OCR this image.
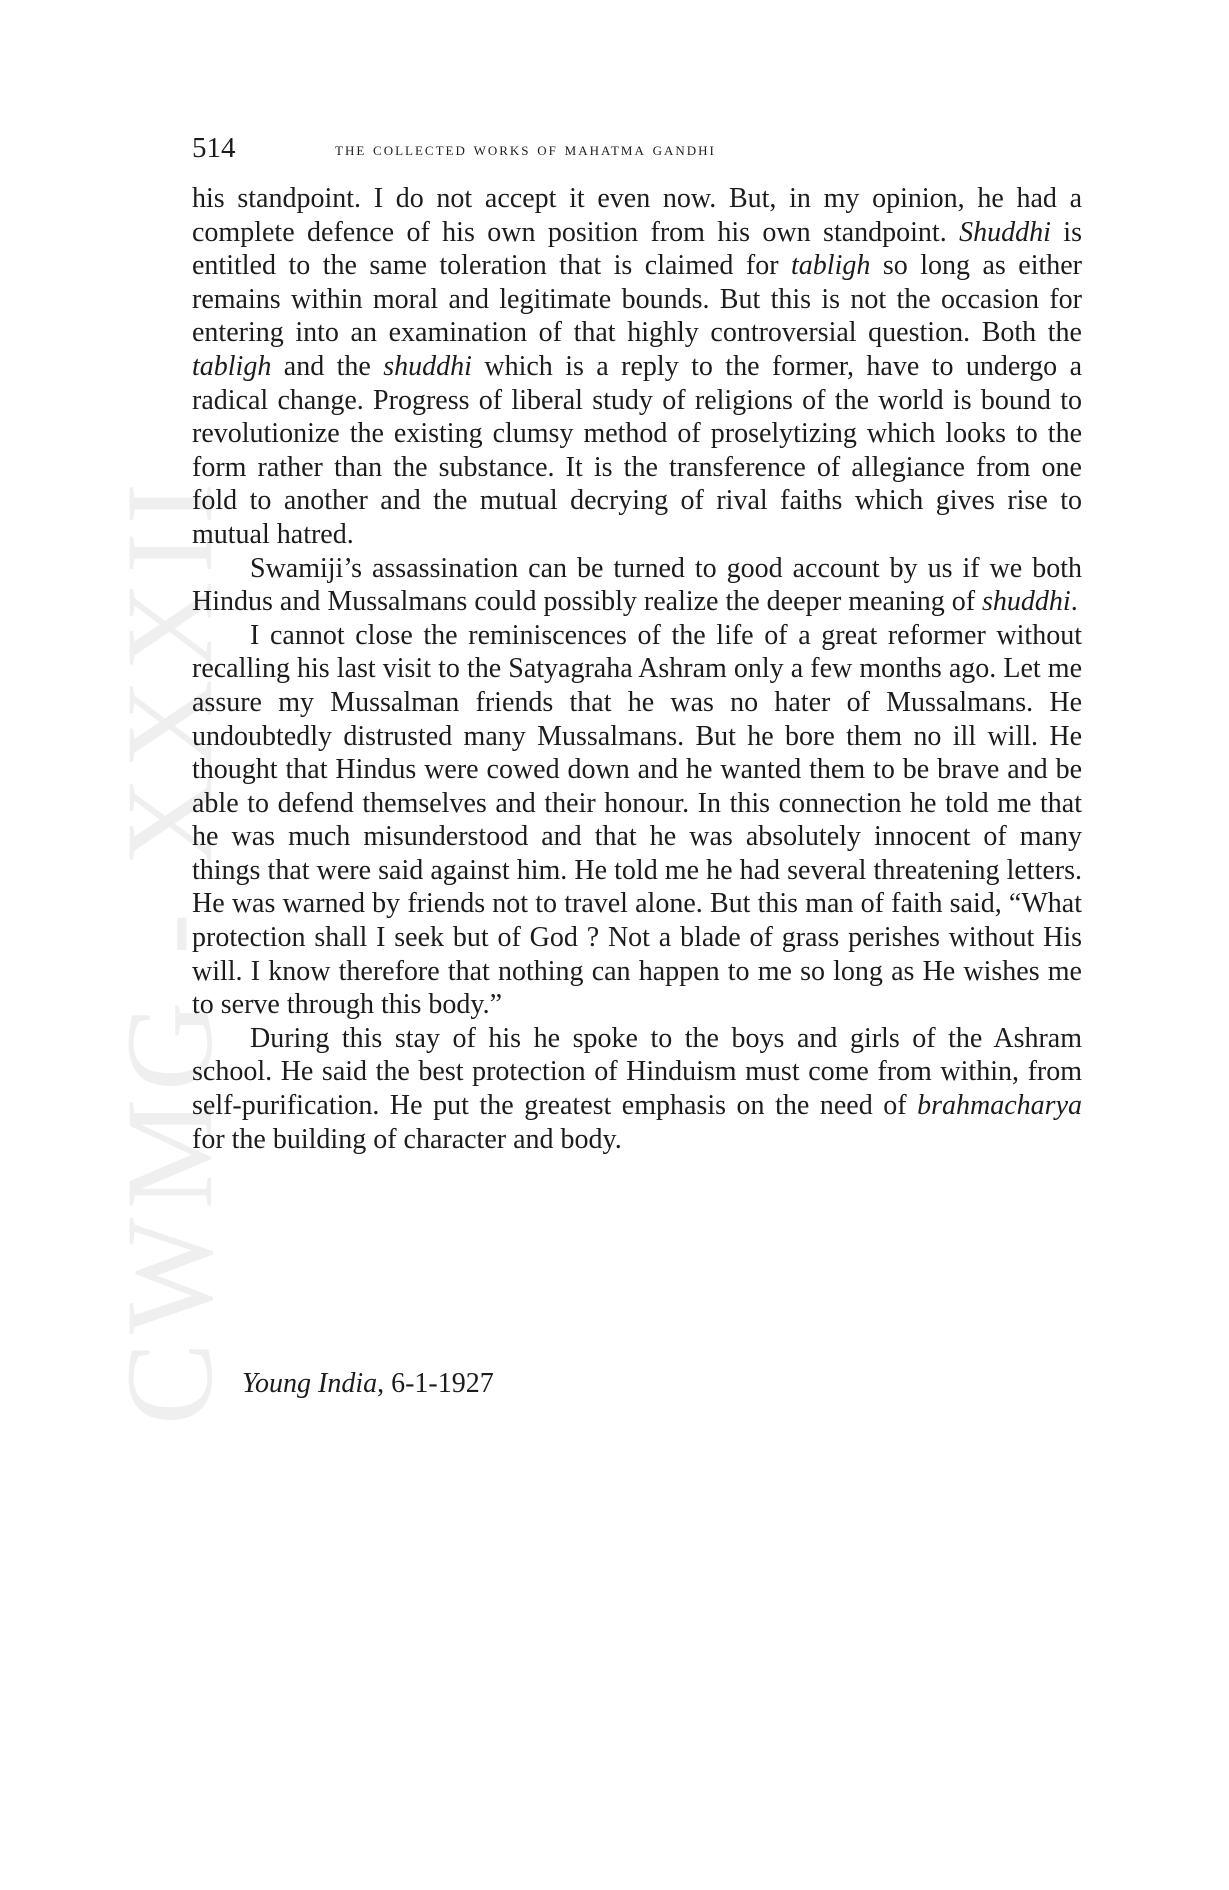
CWMG - XXXII
514	the collected works of mahatma gandhi

his standpoint. I do not accept it even now. But, in my opinion, he had a complete defence of his own position from his own standpoint. Shuddhi is entitled to the same toleration that is claimed for tabligh so long as either remains within moral and legitimate bounds. But this is not the occasion for entering into an examination of that highly controversial question. Both the tabligh and the shuddhi which is a reply to the former, have to undergo a radical change. Progress of liberal study of religions of the world is bound to revolutionize the existing clumsy method of proselytizing which looks to the form rather than the substance. It is the transference of allegiance from one fold to another and the mutual decrying of rival faiths which gives rise to mutual hatred.

Swamiji’s assassination can be turned to good account by us if we both Hindus and Mussalmans could possibly realize the deeper meaning of shuddhi.

I cannot close the reminiscences of the life of a great reformer without recalling his last visit to the Satyagraha Ashram only a few months ago. Let me assure my Mussalman friends that he was no hater of Mussalmans. He undoubtedly distrusted many Mussalmans. But he bore them no ill will. He thought that Hindus were cowed down and he wanted them to be brave and be able to defend themselves and their honour. In this connection he told me that he was much misunderstood and that he was absolutely innocent of many things that were said against him. He told me he had several threatening letters. He was warned by friends not to travel alone. But this man of faith said, “What protection shall I seek but of God ? Not a blade of grass perishes without His will. I know therefore that nothing can happen to me so long as He wishes me to serve through this body.”

During this stay of his he spoke to the boys and girls of the Ashram school. He said the best protection of Hinduism must come from within, from self-purification. He put the greatest emphasis on the need of brahmacharya for the building of character and body.

Young India, 6-1-1927
